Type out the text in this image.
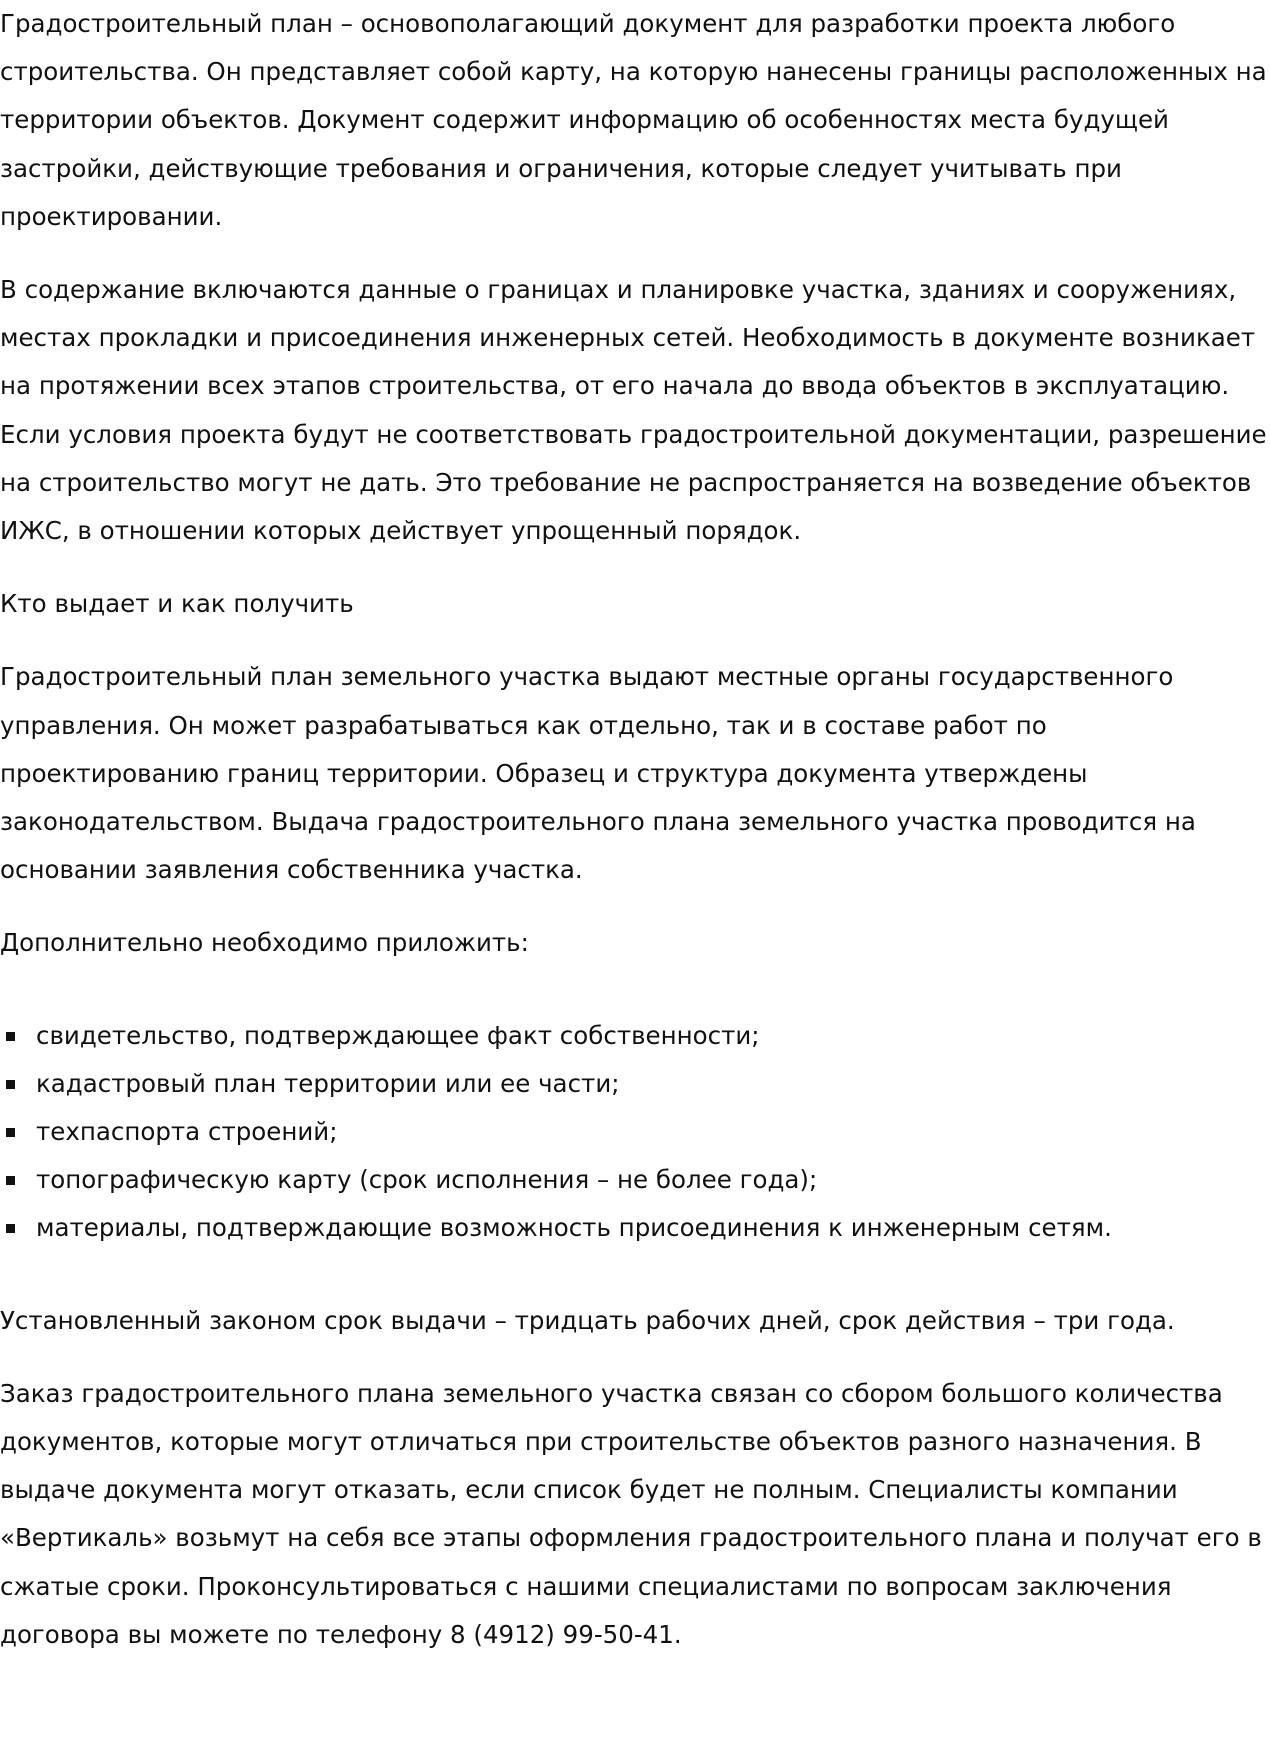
Градостроительный план – основополагающий документ для разработки проекта любого строительства. Он представляет собой карту, на которую нанесены границы расположенных на территории объектов. Документ содержит информацию об особенностях места будущей застройки, действующие требования и ограничения, которые следует учитывать при проектировании.

В содержание включаются данные о границах и планировке участка, зданиях и сооружениях, местах прокладки и присоединения инженерных сетей. Необходимость в документе возникает на протяжении всех этапов строительства, от его начала до ввода объектов в эксплуатацию. Если условия проекта будут не соответствовать градостроительной документации, разрешение на строительство могут не дать. Это требование не распространяется на возведение объектов ИЖС, в отношении которых действует упрощенный порядок.

Кто выдает и как получить

Градостроительный план земельного участка выдают местные органы государственного управления. Он может разрабатываться как отдельно, так и в составе работ по проектированию границ территории. Образец и структура документа утверждены законодательством. Выдача градостроительного плана земельного участка проводится на основании заявления собственника участка.

Дополнительно необходимо приложить:

свидетельство, подтверждающее факт собственности;
кадастровый план территории или ее части;
техпаспорта строений;
топографическую карту (срок исполнения – не более года);
материалы, подтверждающие возможность присоединения к инженерным сетям.

Установленный законом срок выдачи – тридцать рабочих дней, срок действия – три года.

Заказ градостроительного плана земельного участка связан со сбором большого количества документов, которые могут отличаться при строительстве объектов разного назначения. В выдаче документа могут отказать, если список будет не полным. Специалисты компании «Вертикаль» возьмут на себя все этапы оформления градостроительного плана и получат его в сжатые сроки. Проконсультироваться с нашими специалистами по вопросам заключения договора вы можете по телефону 8 (4912) 99-50-41.
